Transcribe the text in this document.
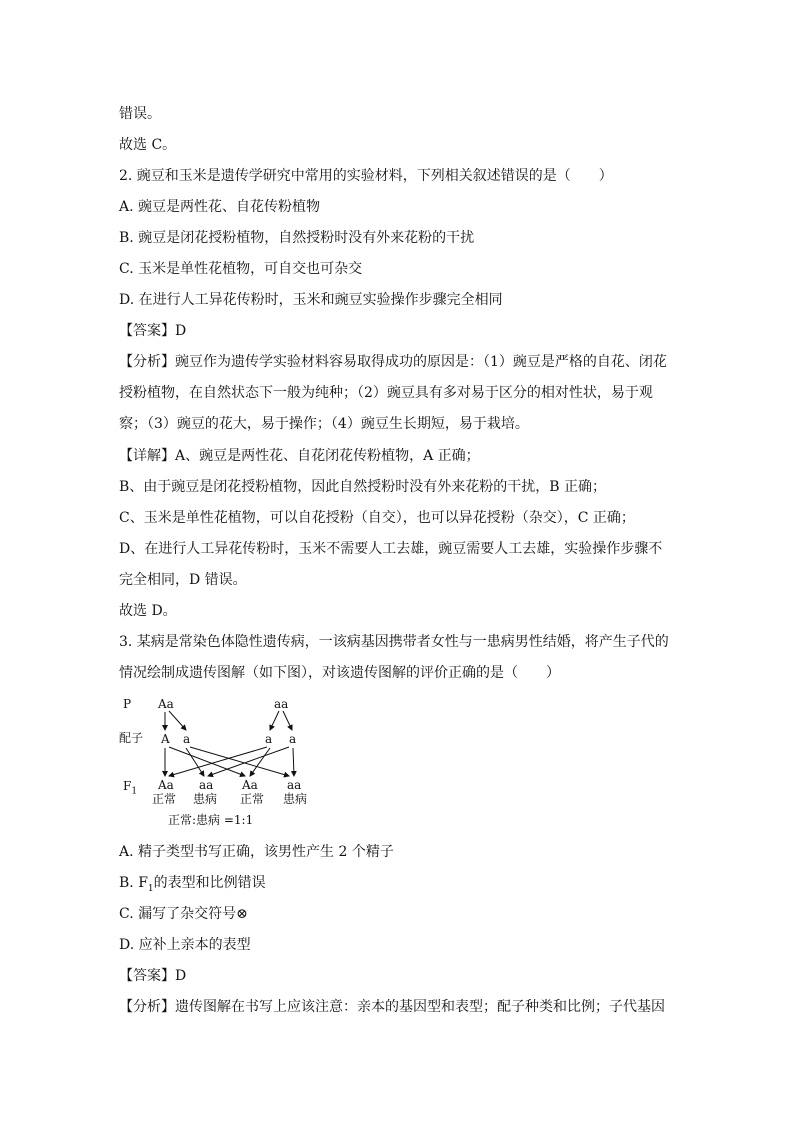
错误。
故选 C。
2. 豌豆和玉米是遗传学研究中常用的实验材料，下列相关叙述错误的是（　　）
A. 豌豆是两性花、自花传粉植物
B. 豌豆是闭花授粉植物，自然授粉时没有外来花粉的干扰
C. 玉米是单性花植物，可自交也可杂交
D. 在进行人工异花传粉时，玉米和豌豆实验操作步骤完全相同
【答案】D
【分析】豌豆作为遗传学实验材料容易取得成功的原因是：（1）豌豆是严格的自花、闭花
授粉植物，在自然状态下一般为纯种；（2）豌豆具有多对易于区分的相对性状，易于观
察；（3）豌豆的花大，易于操作；（4）豌豆生长期短，易于栽培。
【详解】A、豌豆是两性花、自花闭花传粉植物，A 正确；
B、由于豌豆是闭花授粉植物，因此自然授粉时没有外来花粉的干扰，B 正确；
C、玉米是单性花植物，可以自花授粉（自交），也可以异花授粉（杂交），C 正确；
D、在进行人工异花传粉时，玉米不需要人工去雄，豌豆需要人工去雄，实验操作步骤不
完全相同，D 错误。
故选 D。
3. 某病是常染色体隐性遗传病，一该病基因携带者女性与一患病男性结婚，将产生子代的
情况绘制成遗传图解（如下图），对该遗传图解的评价正确的是（　　）
P
配子
$F_1$
Aa	aa
A a	a a
Aa aa Aa aa
正常 患病 正常 患病
正常:患病 =1:1
A. 精子类型书写正确，该男性产生 2 个精子
B. $F_1$的表型和比例错误
C. 漏写了杂交符号⊗
D. 应补上亲本的表型
【答案】D
【分析】遗传图解在书写上应该注意：亲本的基因型和表型；配子种类和比例；子代基因
